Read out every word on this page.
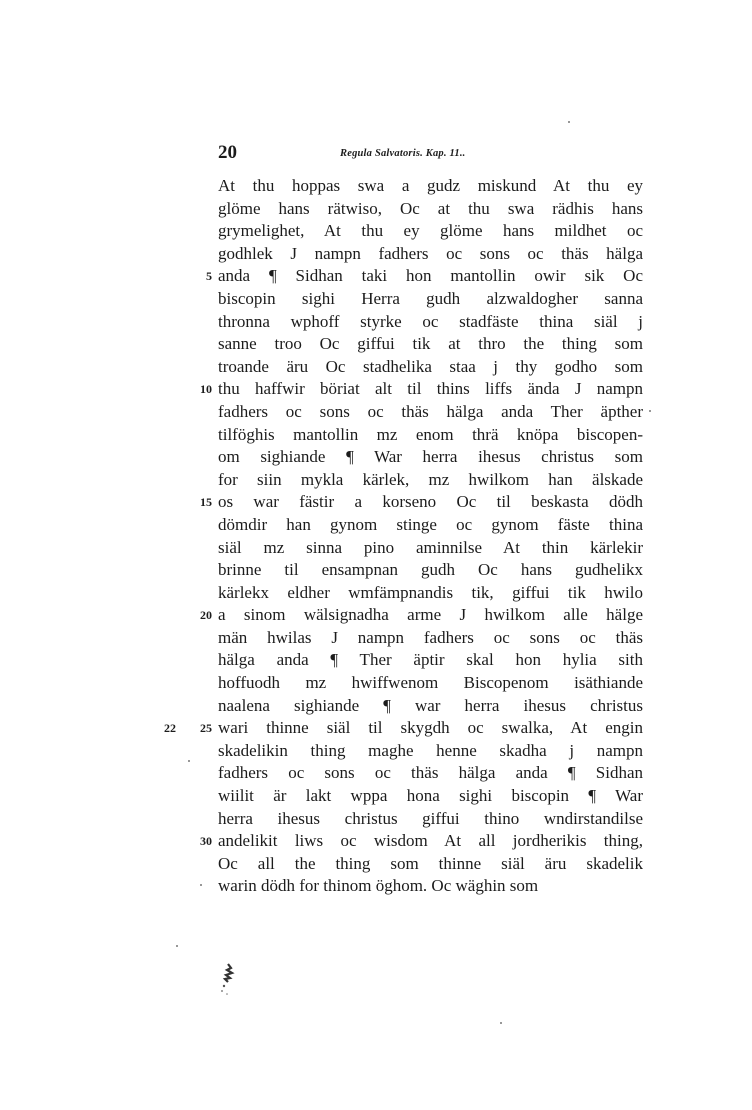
20	Regula Salvatoris. Kap. 11..
At thu hoppas swa a gudz miskund At thu ey
glöme hans rätwiso, Oc at thu swa rädhis hans
grymelighet, At thu ey glöme hans mildhet oc
godhlek J nampn fadhers oc sons oc thäs hälga
5 anda ¶ Sidhan taki hon mantollin owir sik Oc
biscopin sighi Herra gudh alzwaldogher sanna
thronna wphoff styrke oc stadfäste thina siäl j
sanne troo Oc giffui tik at thro the thing som
troande äru Oc stadhelika staa j thy godho som
10 thu haffwir böriat alt til thins liffs ända J nampn
fadhers oc sons oc thäs hälga anda Ther äpther
tilföghis mantollin mz enom thrä knöpa biscopen-
om sighiande ¶ War herra ihesus christus som
for siin mykla kärlek, mz hwilkom han älskade
15 os war fästir a korseno Oc til beskasta dödh
dömdir han gynom stinge oc gynom fäste thina
siäl mz sinna pino aminnilse At thin kärlekir
brinne til ensampnan gudh Oc hans gudhelikx
kärlekx eldher wmfämpnandis tik, giffui tik hwilo
20 a sinom wälsignadha arme J hwilkom alle hälge
män hwilas J nampn fadhers oc sons oc thäs
hälga anda ¶ Ther äptir skal hon hylia sith
hoffuodh mz hwiffwenom Biscopenom isäthiande
naalena sighiande ¶ war herra ihesus christus
25
22 wari thinne siäl til skygdh oc swalka, At engin
skadelikin thing maghe henne skadha j nampn
fadhers oc sons oc thäs hälga anda ¶ Sidhan
wiilit är lakt wppa hona sighi biscopin ¶ War
herra ihesus christus giffui thino wndirstandilse
30 andelikit liws oc wisdom At all jordherikis thing,
Oc all the thing som thinne siäl äru skadelik
warin dödh for thinom öghom. Oc wäghin som
